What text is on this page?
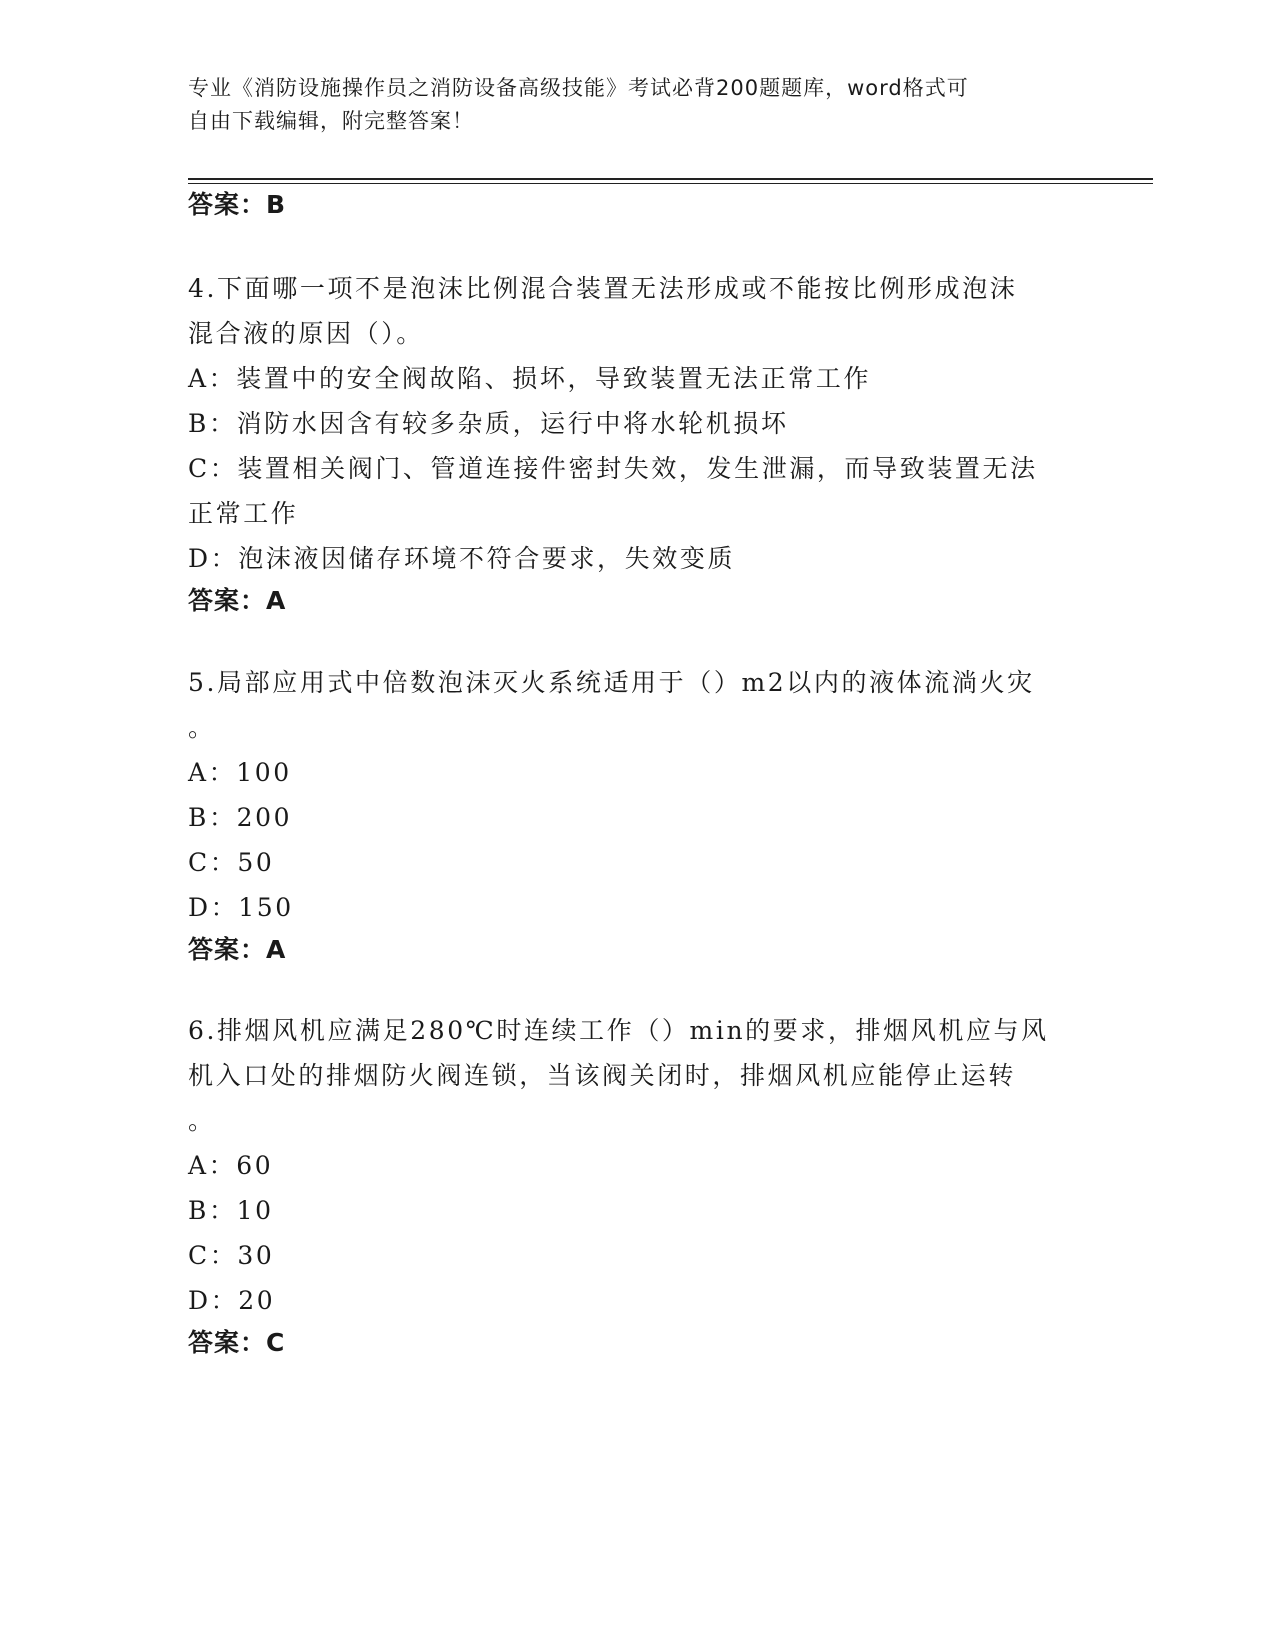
专业《消防设施操作员之消防设备高级技能》考试必背200题题库，word格式可
自由下载编辑，附完整答案！
答案：B
4.下面哪一项不是泡沫比例混合装置无法形成或不能按比例形成泡沫
混合液的原因（）。
A：装置中的安全阀故陷、损坏，导致装置无法正常工作
B：消防水因含有较多杂质，运行中将水轮机损坏
C：装置相关阀门、管道连接件密封失效，发生泄漏，而导致装置无法
正常工作
D：泡沫液因储存环境不符合要求，失效变质
答案：A
5.局部应用式中倍数泡沫灭火系统适用于（）m2以内的液体流淌火灾
。
A：100
B：200
C：50
D：150
答案：A
6.排烟风机应满足280℃时连续工作（）min的要求，排烟风机应与风
机入口处的排烟防火阀连锁，当该阀关闭时，排烟风机应能停止运转
。
A：60
B：10
C：30
D：20
答案：C
